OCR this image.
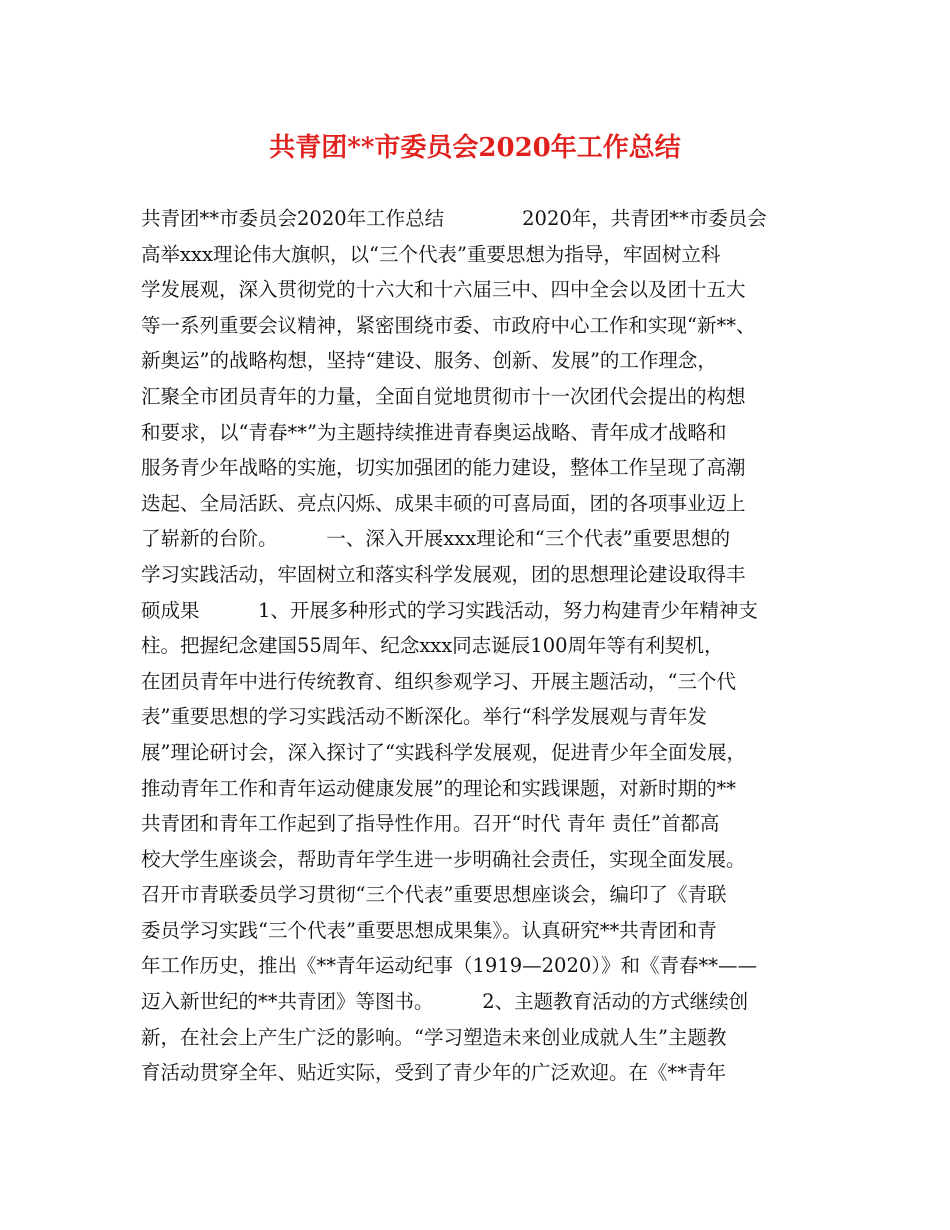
共青团**市委员会2020年工作总结

共青团**市委员会2020年工作总结　　　　2020年，共青团**市委员会

高举xxx理论伟大旗帜，以“三个代表”重要思想为指导，牢固树立科

学发展观，深入贯彻党的十六大和十六届三中、四中全会以及团十五大

等一系列重要会议精神，紧密围绕市委、市政府中心工作和实现“新**、

新奥运”的战略构想，坚持“建设、服务、创新、发展”的工作理念，

汇聚全市团员青年的力量，全面自觉地贯彻市十一次团代会提出的构想

和要求，以“青春**”为主题持续推进青春奥运战略、青年成才战略和

服务青少年战略的实施，切实加强团的能力建设，整体工作呈现了高潮

迭起、全局活跃、亮点闪烁、成果丰硕的可喜局面，团的各项事业迈上

了崭新的台阶。　　　一、深入开展xxx理论和“三个代表”重要思想的

学习实践活动，牢固树立和落实科学发展观，团的思想理论建设取得丰

硕成果　　　1、开展多种形式的学习实践活动，努力构建青少年精神支

柱。把握纪念建国55周年、纪念xxx同志诞辰100周年等有利契机，

在团员青年中进行传统教育、组织参观学习、开展主题活动，“三个代

表”重要思想的学习实践活动不断深化。举行“科学发展观与青年发

展”理论研讨会，深入探讨了“实践科学发展观，促进青少年全面发展，

推动青年工作和青年运动健康发展”的理论和实践课题，对新时期的**

共青团和青年工作起到了指导性作用。召开“时代 青年 责任”首都高

校大学生座谈会，帮助青年学生进一步明确社会责任，实现全面发展。

召开市青联委员学习贯彻“三个代表”重要思想座谈会，编印了《青联

委员学习实践“三个代表”重要思想成果集》。认真研究**共青团和青

年工作历史，推出《**青年运动纪事（1919—2020）》和《青春**——

迈入新世纪的**共青团》等图书。　　　2、主题教育活动的方式继续创

新，在社会上产生广泛的影响。“学习塑造未来创业成就人生”主题教

育活动贯穿全年、贴近实际，受到了青少年的广泛欢迎。在《**青年
